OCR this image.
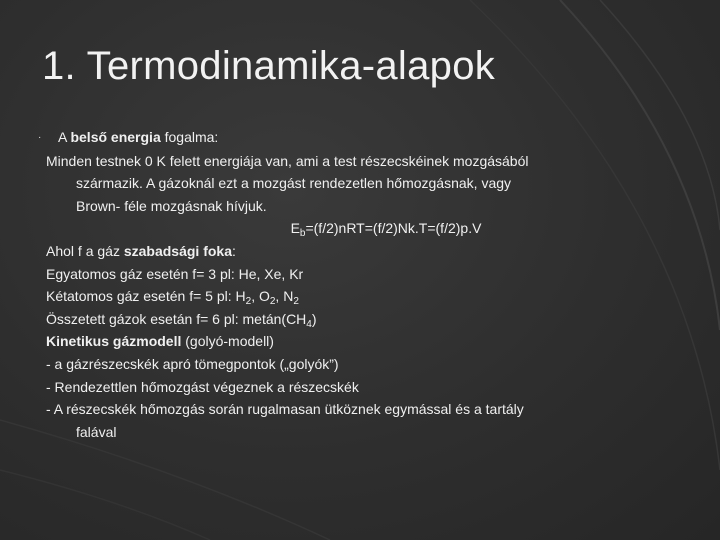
1. Termodinamika-alapok
· A belső energia fogalma:
Minden testnek 0 K felett energiája van, ami a test részecskéinek mozgásából
származik. A gázoknál ezt a mozgást rendezetlen hőmozgásnak, vagy
Brown- féle mozgásnak hívjuk.
$E_b=(f/2)nRT=(f/2)Nk.T=(f/2)p.V$
Ahol f a gáz szabadsági foka:
Egyatomos gáz esetén f= 3 pl: He, Xe, Kr
Kétatomos gáz esetén f= 5 pl: $H_2$, $O_2$, $N_2$
Összetett gázok esetán f= 6 pl: $metán(CH_4)$
Kinetikus gázmodell (golyó-modell)
- a gázrészecskék apró tömegpontok („golyók”)
- Rendezettlen hőmozgást végeznek a részecskék
- A részecskék hőmozgás során rugalmasan ütköznek egymással és a tartály
falával
